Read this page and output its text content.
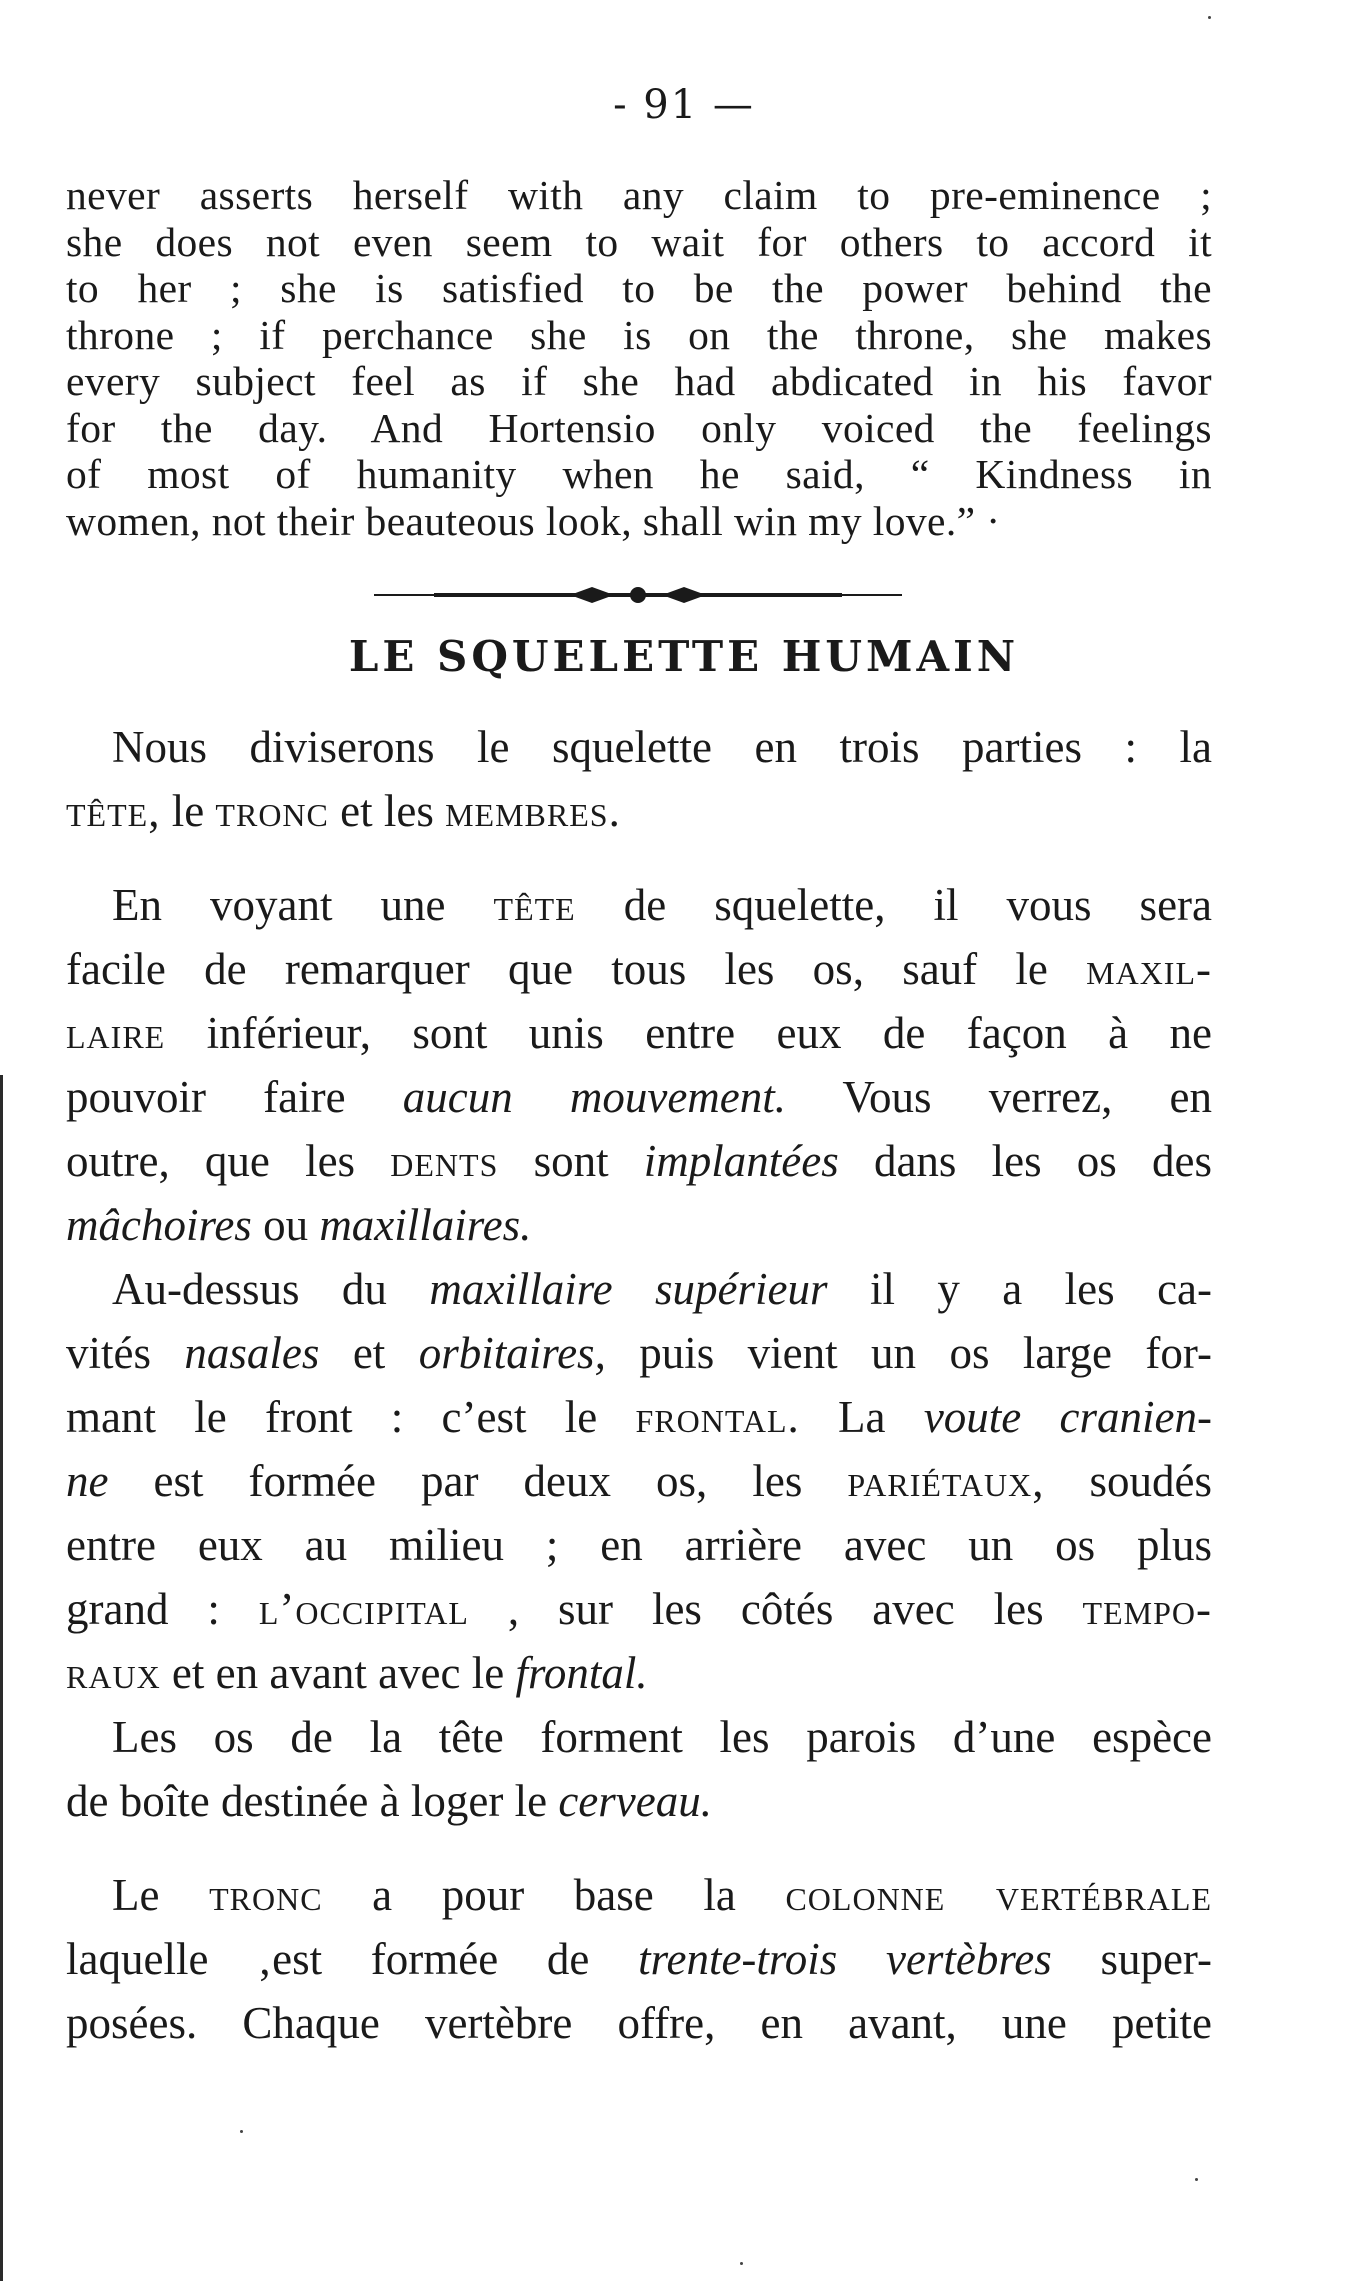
- 91 —
never asserts herself with any claim to pre-eminence ;
she does not even seem to wait for others to accord it
to her ; she is satisfied to be the power behind the
throne ; if perchance she is on the throne, she makes
every subject feel as if she had abdicated in his favor
for the day. And Hortensio only voiced the feelings
of most of humanity when he said, “ Kindness in
women, not their beauteous look, shall win my love.” ·
LE SQUELETTE HUMAIN

Nous diviserons le squelette en trois parties : la
tête, le tronc et les membres.

En voyant une tête de squelette, il vous sera
facile de remarquer que tous les os, sauf le maxil-
laire inférieur, sont unis entre eux de façon à ne
pouvoir faire aucun mouvement. Vous verrez, en
outre, que les dents sont implantées dans les os des
mâchoires ou maxillaires.

Au-dessus du maxillaire supérieur il y a les ca-
vités nasales et orbitaires, puis vient un os large for-
mant le front : c’est le frontal. La voute cranien-
ne est formée par deux os, les pariétaux, soudés
entre eux au milieu ; en arrière avec un os plus
grand : l’occipital , sur les côtés avec les tempo-
raux et en avant avec le frontal.

Les os de la tête forment les parois d’une espèce
de boîte destinée à loger le cerveau.

Le tronc a pour base la colonne vertébrale
laquelle ‚est formée de trente-trois vertèbres super-
posées. Chaque vertèbre offre, en avant, une petite
